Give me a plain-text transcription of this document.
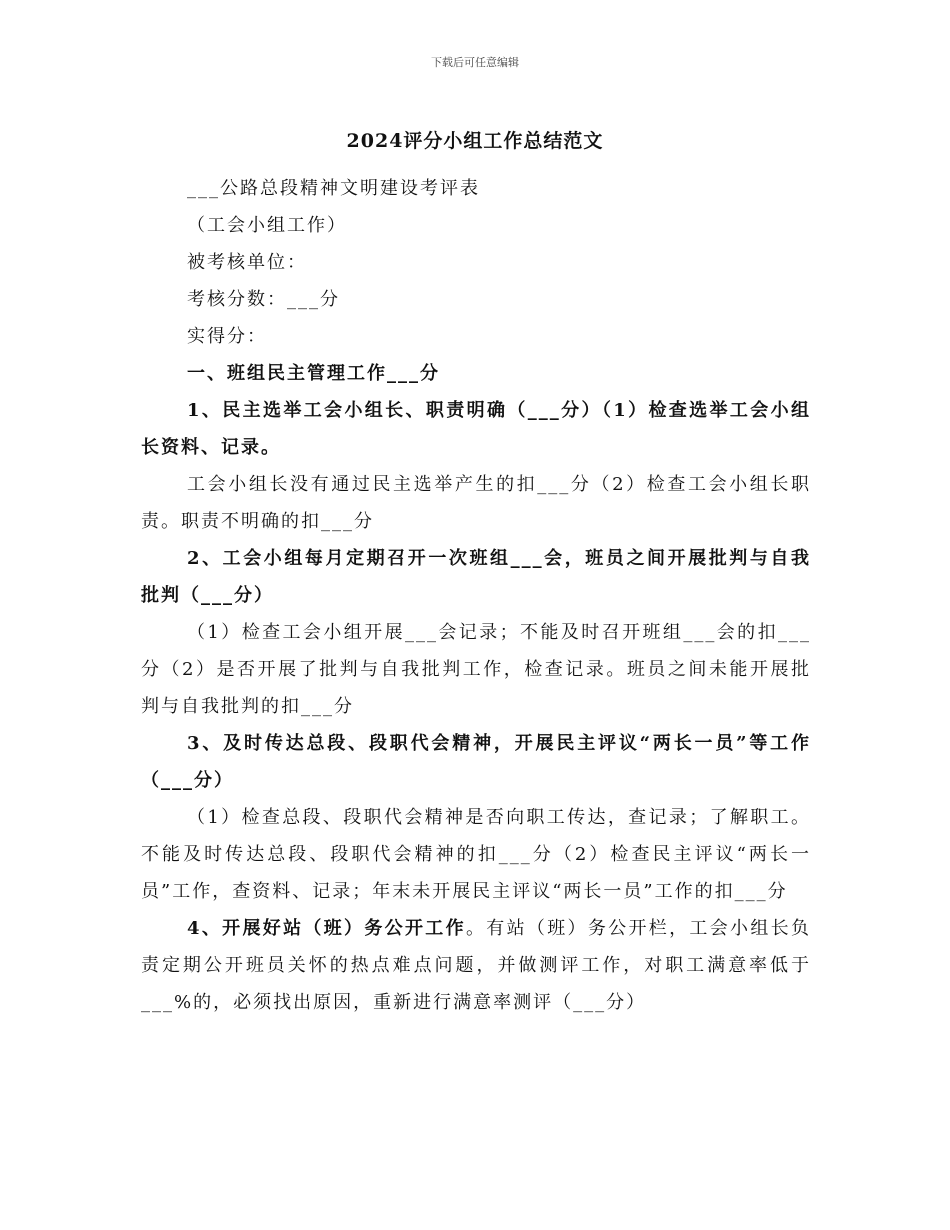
下载后可任意编辑
2024评分小组工作总结范文

___公路总段精神文明建设考评表

（工会小组工作）

被考核单位：

考核分数：___分

实得分：

一、班组民主管理工作___分

1、民主选举工会小组长、职责明确（___分）（1）检查选举工会小组长资料、记录。

工会小组长没有通过民主选举产生的扣___分（2）检查工会小组长职责。职责不明确的扣___分

2、工会小组每月定期召开一次班组___会，班员之间开展批判与自我批判（___分）

（1）检查工会小组开展___会记录；不能及时召开班组___会的扣___分（2）是否开展了批判与自我批判工作，检查记录。班员之间未能开展批判与自我批判的扣___分

3、及时传达总段、段职代会精神，开展民主评议“两长一员”等工作（___分）

（1）检查总段、段职代会精神是否向职工传达，查记录；了解职工。不能及时传达总段、段职代会精神的扣___分（2）检查民主评议“两长一员”工作，查资料、记录；年末未开展民主评议“两长一员”工作的扣___分

4、开展好站（班）务公开工作。有站（班）务公开栏，工会小组长负责定期公开班员关怀的热点难点问题，并做测评工作，对职工满意率低于___%的，必须找出原因，重新进行满意率测评（___分）
